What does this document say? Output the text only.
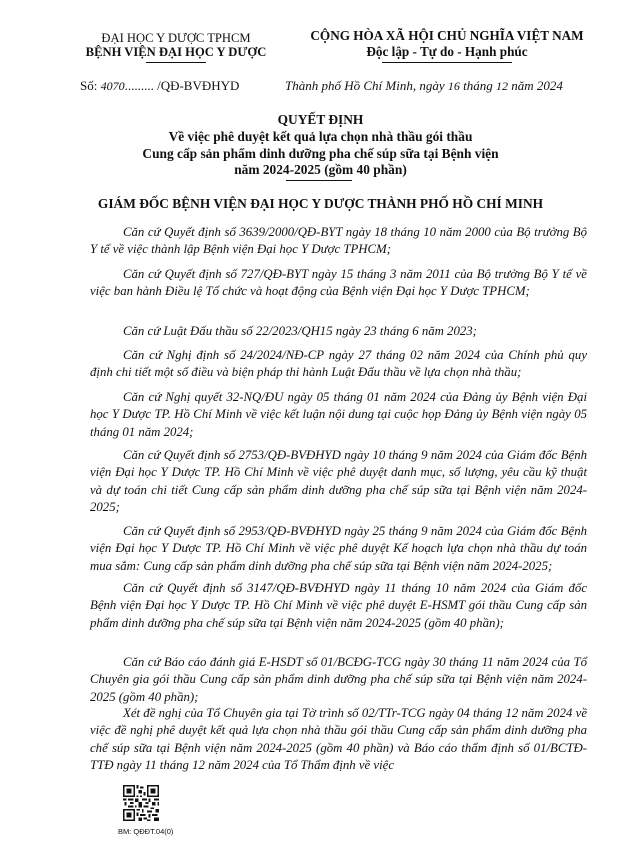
ĐẠI HỌC Y DƯỢC TPHCM
BỆNH VIỆN ĐẠI HỌC Y DƯỢC
CỘNG HÒA XÃ HỘI CHỦ NGHĨA VIỆT NAM
Độc lập - Tự do - Hạnh phúc
Số: 4070......... /QĐ-BVĐHYD	Thành phố Hồ Chí Minh, ngày 16 tháng 12 năm 2024
QUYẾT ĐỊNH
Về việc phê duyệt kết quả lựa chọn nhà thầu gói thầu
Cung cấp sản phẩm dinh dưỡng pha chế súp sữa tại Bệnh viện
năm 2024-2025 (gồm 40 phần)
GIÁM ĐỐC BỆNH VIỆN ĐẠI HỌC Y DƯỢC THÀNH PHỐ HỒ CHÍ MINH
Căn cứ Quyết định số 3639/2000/QĐ-BYT ngày 18 tháng 10 năm 2000 của Bộ trưởng Bộ Y tế về việc thành lập Bệnh viện Đại học Y Dược TPHCM;
Căn cứ Quyết định số 727/QĐ-BYT ngày 15 tháng 3 năm 2011 của Bộ trưởng Bộ Y tế về việc ban hành Điều lệ Tổ chức và hoạt động của Bệnh viện Đại học Y Dược TPHCM;
Căn cứ Luật Đấu thầu số 22/2023/QH15 ngày 23 tháng 6 năm 2023;
Căn cứ Nghị định số 24/2024/NĐ-CP ngày 27 tháng 02 năm 2024 của Chính phủ quy định chi tiết một số điều và biện pháp thi hành Luật Đấu thầu về lựa chọn nhà thầu;
Căn cứ Nghị quyết 32-NQ/ĐU ngày 05 tháng 01 năm 2024 của Đảng ủy Bệnh viện Đại học Y Dược TP. Hồ Chí Minh về việc kết luận nội dung tại cuộc họp Đảng ủy Bệnh viện ngày 05 tháng 01 năm 2024;
Căn cứ Quyết định số 2753/QĐ-BVĐHYD ngày 10 tháng 9 năm 2024 của Giám đốc Bệnh viện Đại học Y Dược TP. Hồ Chí Minh về việc phê duyệt danh mục, số lượng, yêu cầu kỹ thuật và dự toán chi tiết Cung cấp sản phẩm dinh dưỡng pha chế súp sữa tại Bệnh viện năm 2024-2025;
Căn cứ Quyết định số 2953/QĐ-BVĐHYD ngày 25 tháng 9 năm 2024 của Giám đốc Bệnh viện Đại học Y Dược TP. Hồ Chí Minh về việc phê duyệt Kế hoạch lựa chọn nhà thầu dự toán mua sắm: Cung cấp sản phẩm dinh dưỡng pha chế súp sữa tại Bệnh viện năm 2024-2025;
Căn cứ Quyết định số 3147/QĐ-BVĐHYD ngày 11 tháng 10 năm 2024 của Giám đốc Bệnh viện Đại học Y Dược TP. Hồ Chí Minh về việc phê duyệt E-HSMT gói thầu Cung cấp sản phẩm dinh dưỡng pha chế súp sữa tại Bệnh viện năm 2024-2025 (gồm 40 phần);
Căn cứ Báo cáo đánh giá E-HSDT số 01/BCĐG-TCG ngày 30 tháng 11 năm 2024 của Tổ Chuyên gia gói thầu Cung cấp sản phẩm dinh dưỡng pha chế súp sữa tại Bệnh viện năm 2024-2025 (gồm 40 phần);
Xét đề nghị của Tổ Chuyên gia tại Tờ trình số 02/TTr-TCG ngày 04 tháng 12 năm 2024 về việc đề nghị phê duyệt kết quả lựa chọn nhà thầu gói thầu Cung cấp sản phẩm dinh dưỡng pha chế súp sữa tại Bệnh viện năm 2024-2025 (gồm 40 phần) và Báo cáo thẩm định số 01/BCTĐ-TTĐ ngày 11 tháng 12 năm 2024 của Tổ Thẩm định về việc
BM: QĐĐT.04(0)
